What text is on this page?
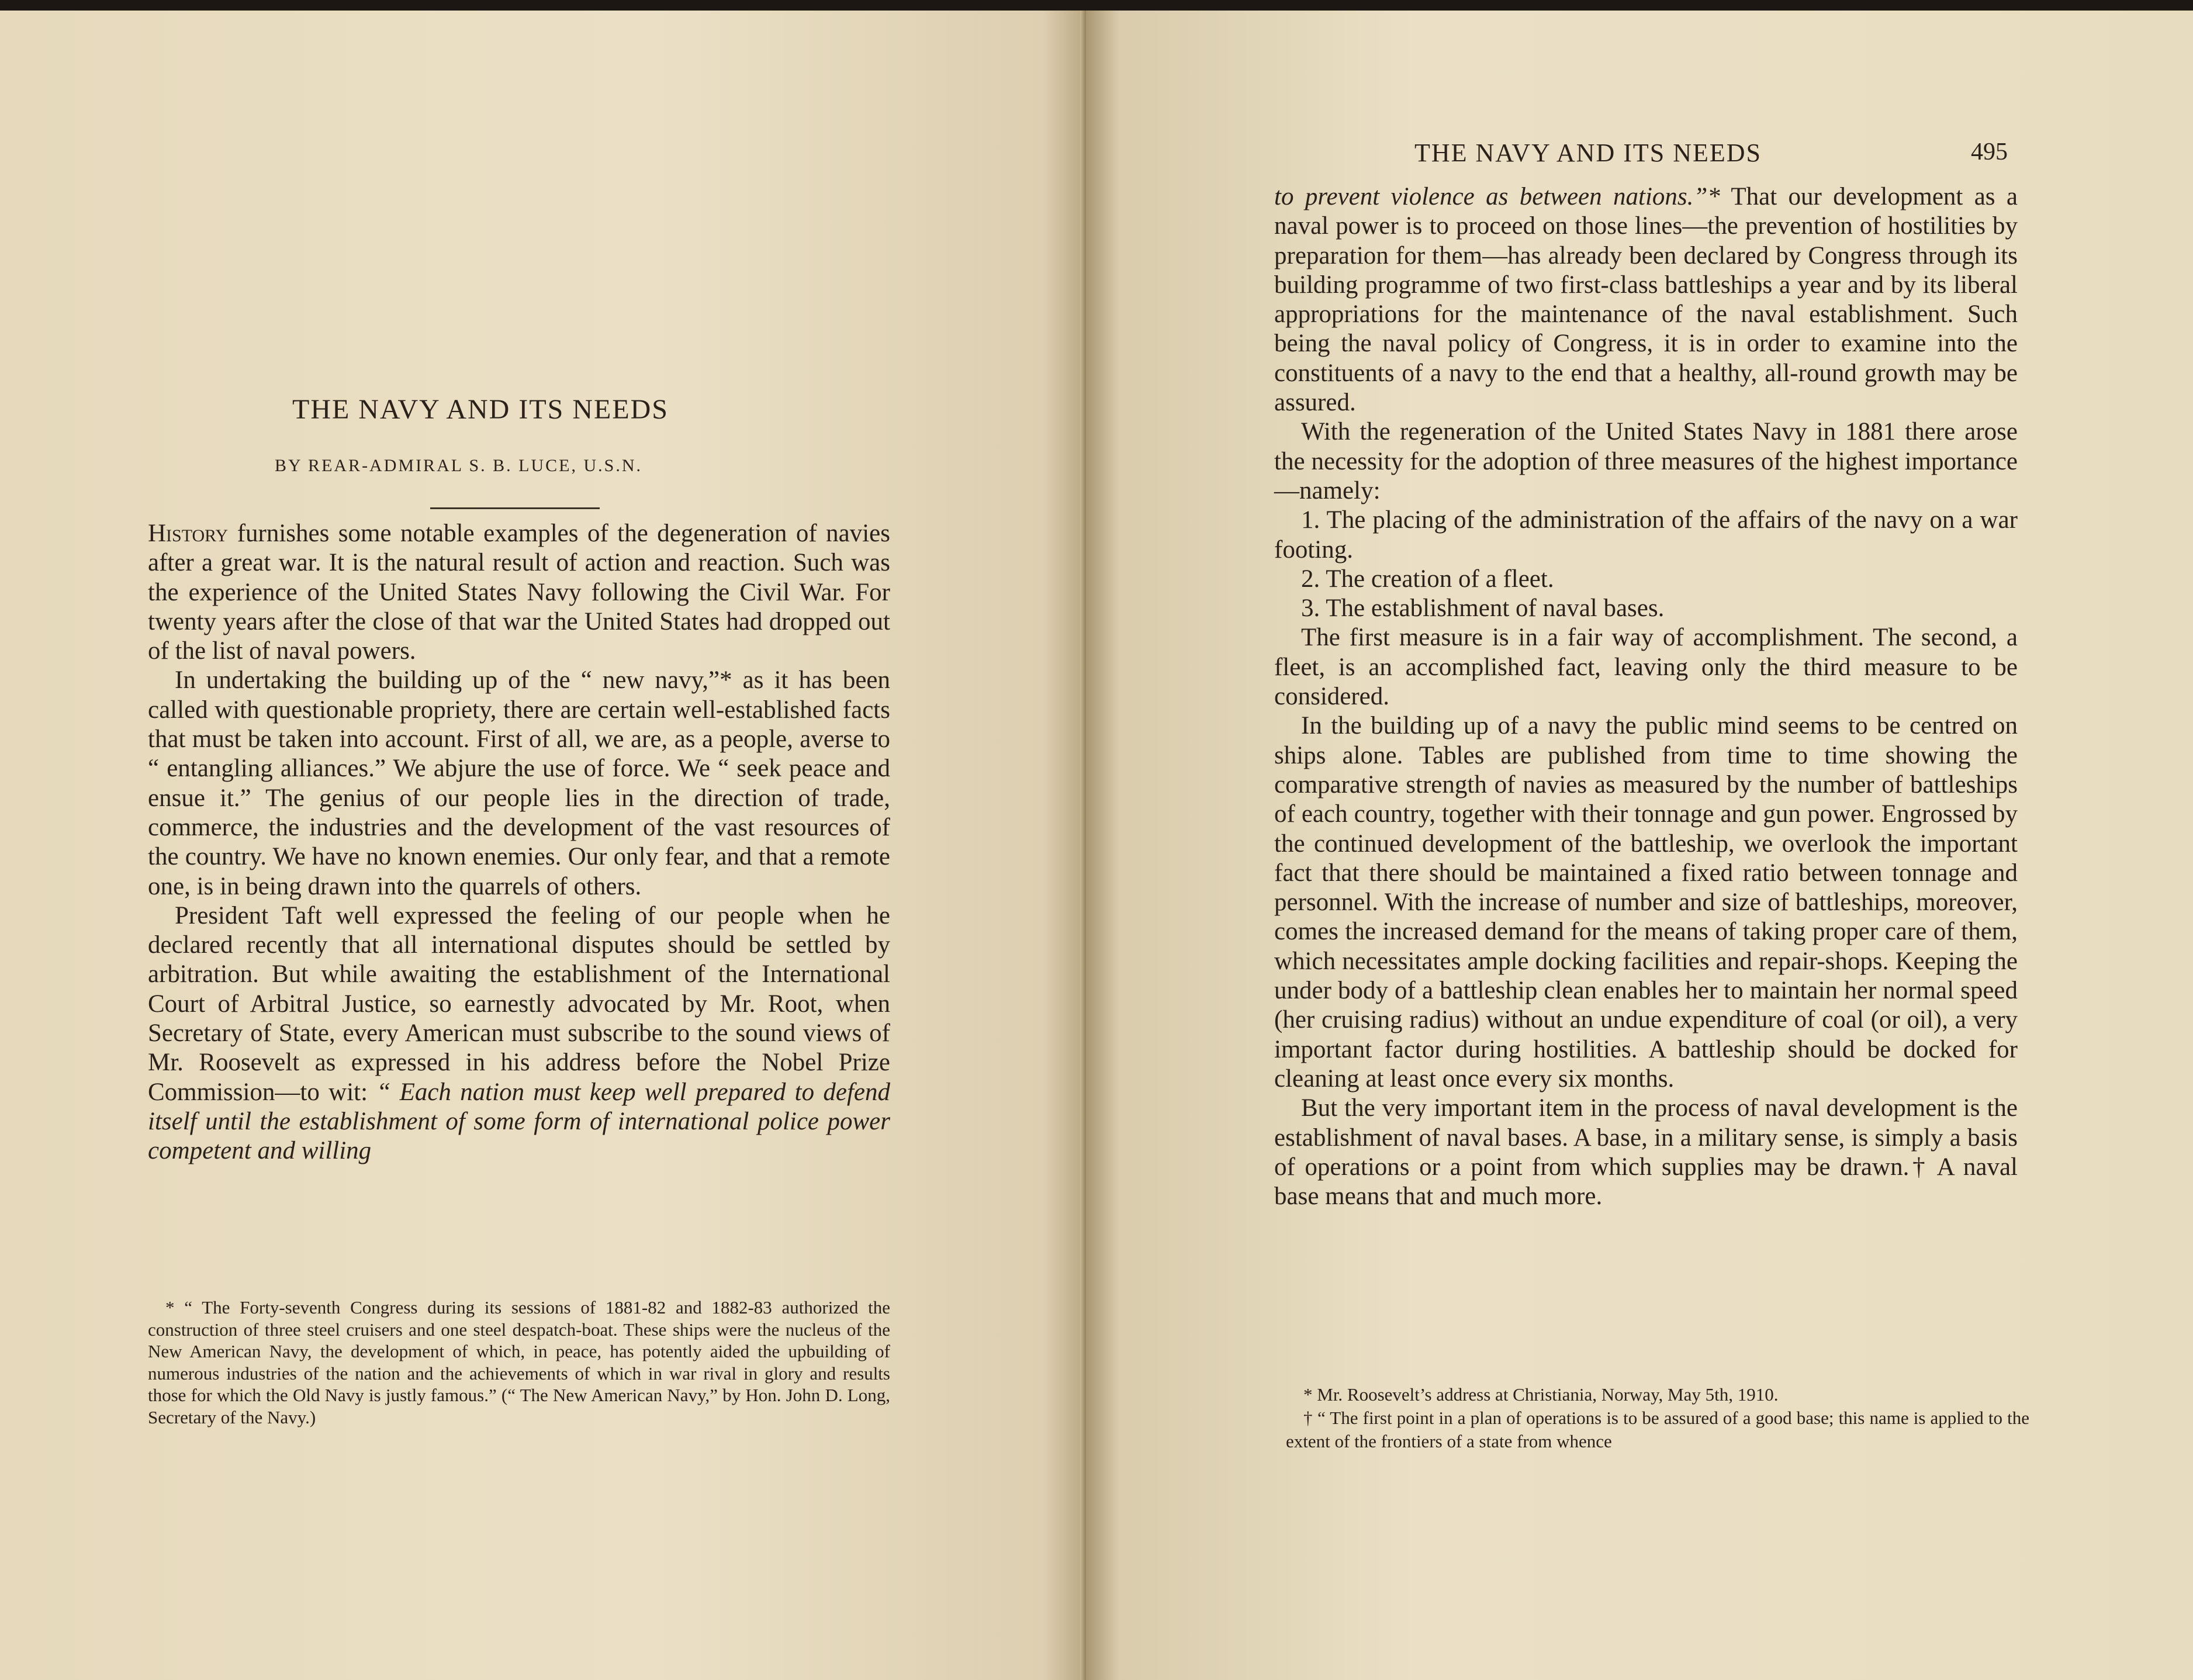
THE NAVY AND ITS NEEDS
BY REAR-ADMIRAL S. B. LUCE, U.S.N.

History furnishes some notable examples of the degeneration of navies after a great war. It is the natural result of action and reaction. Such was the experience of the United States Navy following the Civil War. For twenty years after the close of that war the United States had dropped out of the list of naval powers.

In undertaking the building up of the “ new navy,”* as it has been called with questionable propriety, there are certain well-established facts that must be taken into account. First of all, we are, as a people, averse to “ entangling alliances.” We abjure the use of force. We “ seek peace and ensue it.” The genius of our people lies in the direction of trade, commerce, the industries and the development of the vast resources of the country. We have no known enemies. Our only fear, and that a remote one, is in being drawn into the quarrels of others.

President Taft well expressed the feeling of our people when he declared recently that all international disputes should be settled by arbitration. But while awaiting the establishment of the International Court of Arbitral Justice, so earnestly advocated by Mr. Root, when Secretary of State, every American must subscribe to the sound views of Mr. Roosevelt as expressed in his address before the Nobel Prize Commission—to wit: “ Each nation must keep well prepared to defend itself until the establishment of some form of international police power competent and willing

* “ The Forty-seventh Congress during its sessions of 1881-82 and 1882-83 authorized the construction of three steel cruisers and one steel despatch-boat. These ships were the nucleus of the New American Navy, the development of which, in peace, has potently aided the upbuilding of numerous industries of the nation and the achievements of which in war rival in glory and results those for which the Old Navy is justly famous.” (“ The New American Navy,” by Hon. John D. Long, Secretary of the Navy.)

THE NAVY AND ITS NEEDS	495

to prevent violence as between nations.”* That our development as a naval power is to proceed on those lines—the prevention of hostilities by preparation for them—has already been declared by Congress through its building programme of two first-class battleships a year and by its liberal appropriations for the maintenance of the naval establishment. Such being the naval policy of Congress, it is in order to examine into the constituents of a navy to the end that a healthy, all-round growth may be assured.

With the regeneration of the United States Navy in 1881 there arose the necessity for the adoption of three measures of the highest importance—namely:

1. The placing of the administration of the affairs of the navy on a war footing.

2. The creation of a fleet.

3. The establishment of naval bases.

The first measure is in a fair way of accomplishment. The second, a fleet, is an accomplished fact, leaving only the third measure to be considered.

In the building up of a navy the public mind seems to be centred on ships alone. Tables are published from time to time showing the comparative strength of navies as measured by the number of battleships of each country, together with their tonnage and gun power. Engrossed by the continued development of the battleship, we overlook the important fact that there should be maintained a fixed ratio between tonnage and personnel. With the increase of number and size of battleships, moreover, comes the increased demand for the means of taking proper care of them, which necessitates ample docking facilities and repair-shops. Keeping the under body of a battleship clean enables her to maintain her normal speed (her cruising radius) without an undue expenditure of coal (or oil), a very important factor during hostilities. A battleship should be docked for cleaning at least once every six months.

But the very important item in the process of naval development is the establishment of naval bases. A base, in a military sense, is simply a basis of operations or a point from which supplies may be drawn.† A naval base means that and much more.

* Mr. Roosevelt’s address at Christiania, Norway, May 5th, 1910.

† “ The first point in a plan of operations is to be assured of a good base; this name is applied to the extent of the frontiers of a state from whence
